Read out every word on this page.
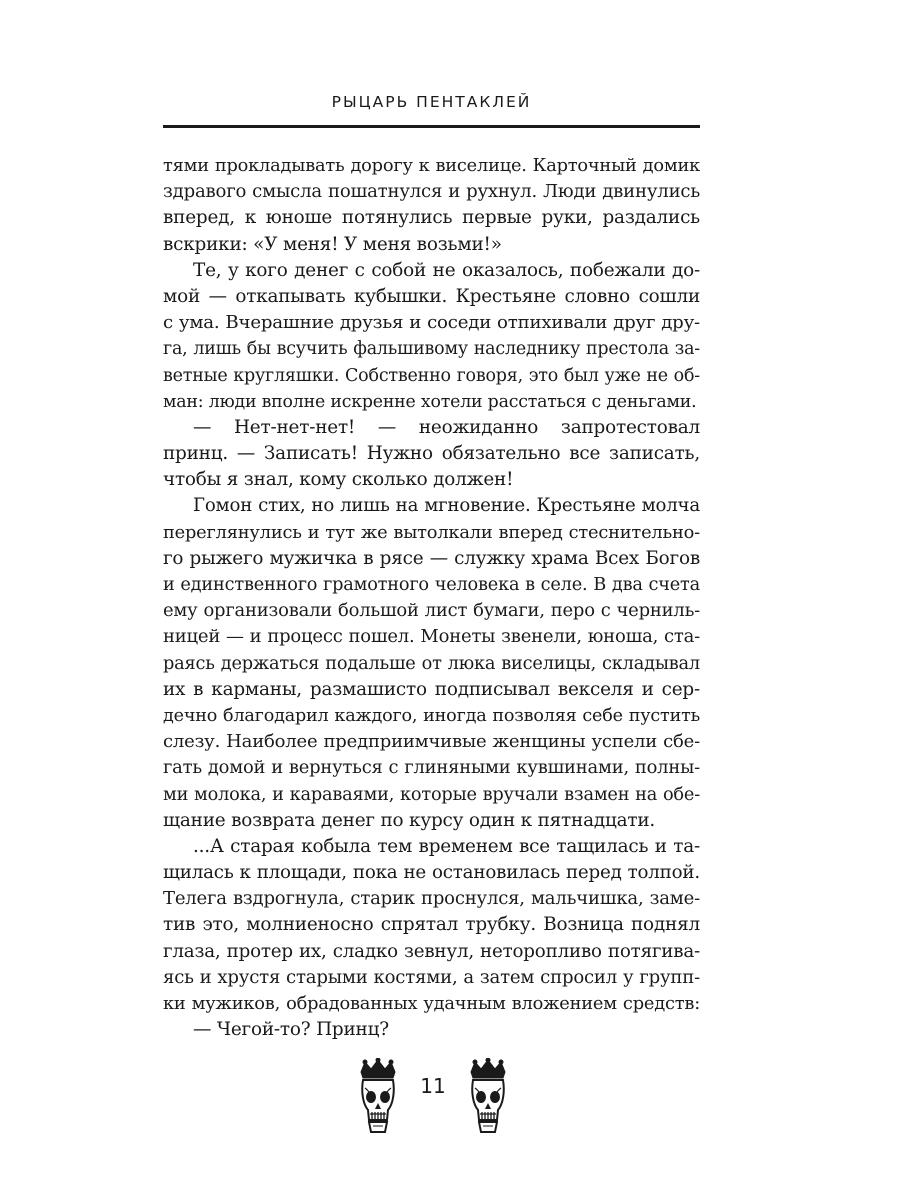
РЫЦАРЬ ПЕНТАКЛЕЙ
тями прокладывать дорогу к виселице. Карточный домик
здравого смысла пошатнулся и рухнул. Люди двинулись
вперед, к юноше потянулись первые руки, раздались
вскрики: «У меня! У меня возьми!»
Те, у кого денег с собой не оказалось, побежали до-
мой — откапывать кубышки. Крестьяне словно сошли
с ума. Вчерашние друзья и соседи отпихивали друг дру-
га, лишь бы всучить фальшивому наследнику престола за-
ветные кругляшки. Собственно говоря, это был уже не об-
ман: люди вполне искренне хотели расстаться с деньгами.
— Нет-нет-нет! — неожиданно запротестовал
принц. — Записать! Нужно обязательно все записать,
чтобы я знал, кому сколько должен!
Гомон стих, но лишь на мгновение. Крестьяне молча
переглянулись и тут же вытолкали вперед стеснительно-
го рыжего мужичка в рясе — служку храма Всех Богов
и единственного грамотного человека в селе. В два счета
ему организовали большой лист бумаги, перо с черниль-
ницей — и процесс пошел. Монеты звенели, юноша, ста-
раясь держаться подальше от люка виселицы, складывал
их в карманы, размашисто подписывал векселя и сер-
дечно благодарил каждого, иногда позволяя себе пустить
слезу. Наиболее предприимчивые женщины успели сбе-
гать домой и вернуться с глиняными кувшинами, полны-
ми молока, и караваями, которые вручали взамен на обе-
щание возврата денег по курсу один к пятнадцати.
...А старая кобыла тем временем все тащилась и та-
щилась к площади, пока не остановилась перед толпой.
Телега вздрогнула, старик проснулся, мальчишка, заме-
тив это, молниеносно спрятал трубку. Возница поднял
глаза, протер их, сладко зевнул, неторопливо потягива-
ясь и хрустя старыми костями, а затем спросил у групп-
ки мужиков, обрадованных удачным вложением средств:
— Чегой-то? Принц?
11
